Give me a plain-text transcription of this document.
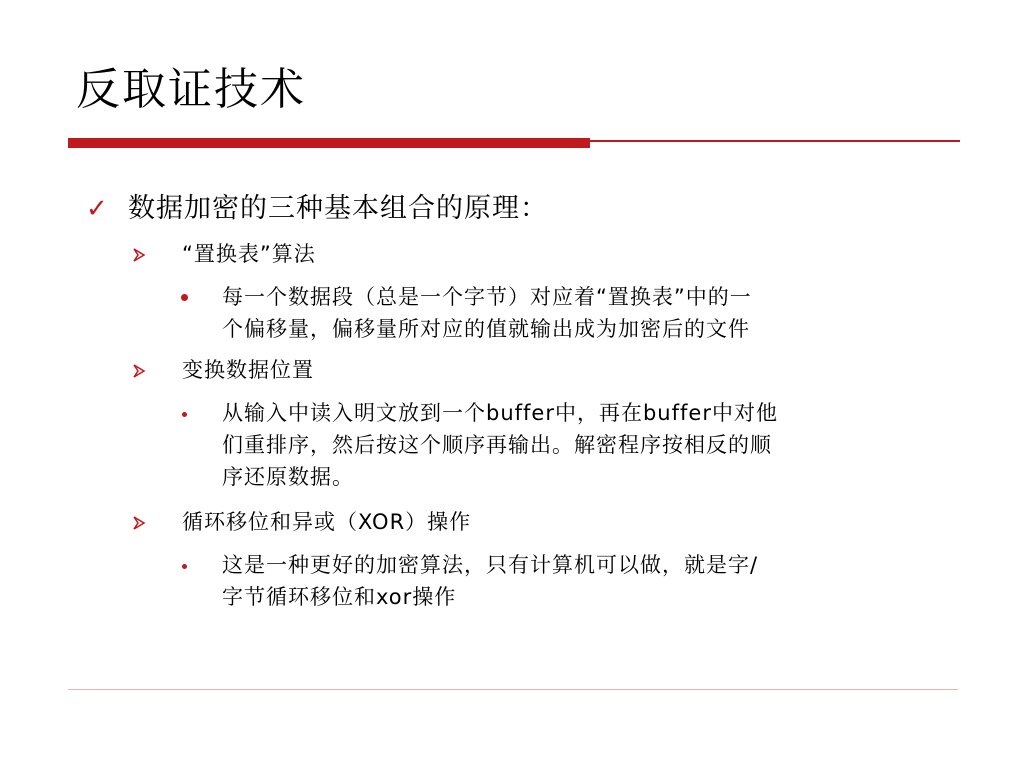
反取证技术
✓ 数据加密的三种基本组合的原理：
“置换表”算法
每一个数据段（总是一个字节）对应着“置换表”中的一
个偏移量，偏移量所对应的值就输出成为加密后的文件
变换数据位置
从输入中读入明文放到一个buffer中，再在buffer中对他
们重排序，然后按这个顺序再输出。解密程序按相反的顺
序还原数据。
循环移位和异或（XOR）操作
这是一种更好的加密算法，只有计算机可以做，就是字/
字节循环移位和xor操作
